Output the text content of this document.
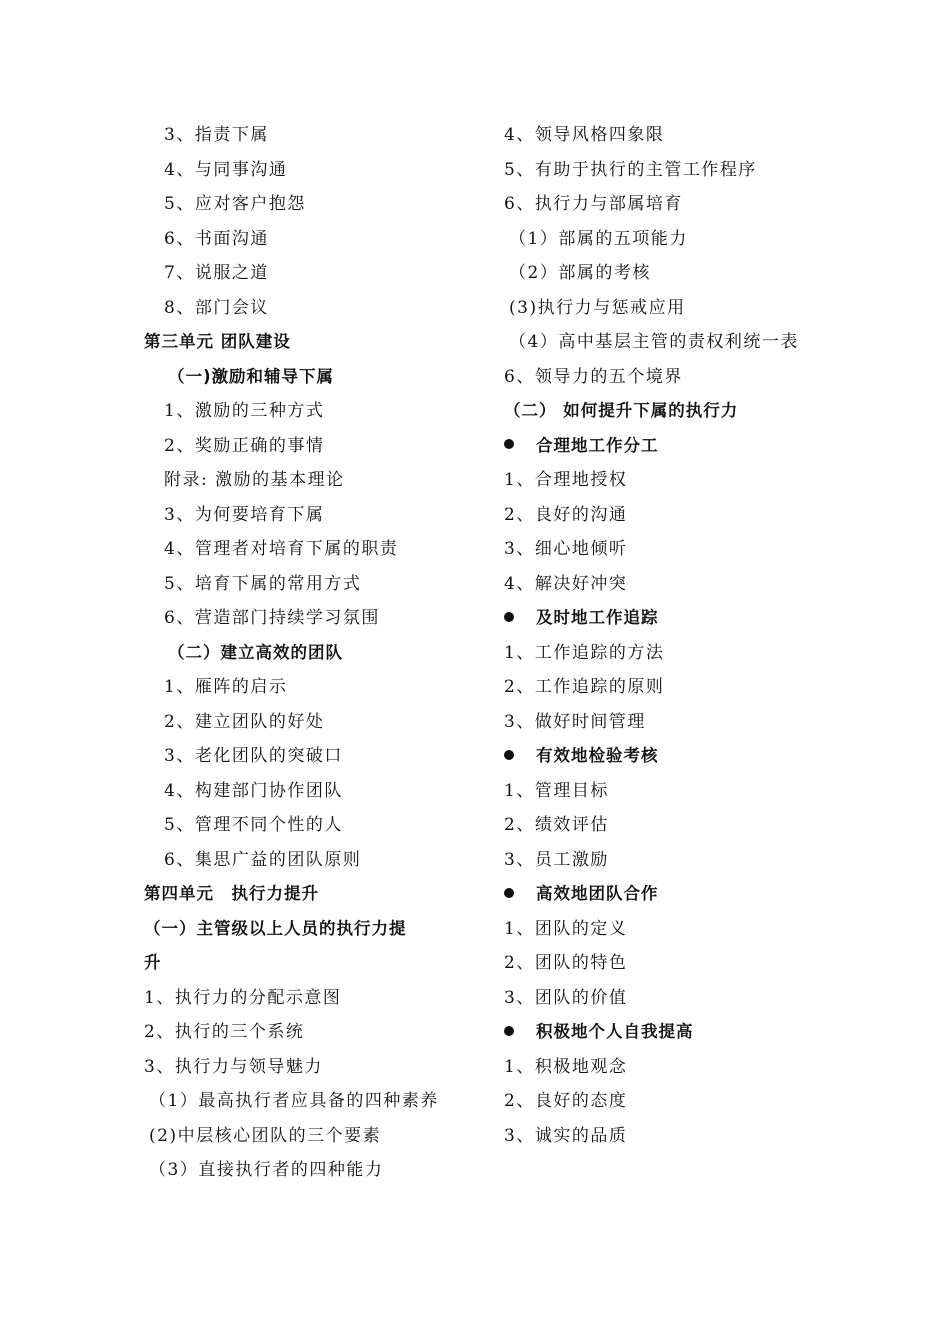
3、指责下属
4、与同事沟通
5、应对客户抱怨
6、书面沟通
7、说服之道
8、部门会议
第三单元 团队建设
（一)激励和辅导下属
1、激励的三种方式
2、奖励正确的事情
附录: 激励的基本理论
3、为何要培育下属
4、管理者对培育下属的职责
5、培育下属的常用方式
6、营造部门持续学习氛围
（二）建立高效的团队
1、雁阵的启示
2、建立团队的好处
3、老化团队的突破口
4、构建部门协作团队
5、管理不同个性的人
6、集思广益的团队原则
第四单元　执行力提升
（一）主管级以上人员的执行力提
升
1、执行力的分配示意图
2、执行的三个系统
3、执行力与领导魅力
（1）最高执行者应具备的四种素养
(2)中层核心团队的三个要素
（3）直接执行者的四种能力
4、领导风格四象限
5、有助于执行的主管工作程序
6、执行力与部属培育
（1）部属的五项能力
（2）部属的考核
(3)执行力与惩戒应用
（4）高中基层主管的责权利统一表
6、领导力的五个境界
（二） 如何提升下属的执行力
合理地工作分工
1、合理地授权
2、良好的沟通
3、细心地倾听
4、解决好冲突
及时地工作追踪
1、工作追踪的方法
2、工作追踪的原则
3、做好时间管理
有效地检验考核
1、管理目标
2、绩效评估
3、员工激励
高效地团队合作
1、团队的定义
2、团队的特色
3、团队的价值
积极地个人自我提高
1、积极地观念
2、良好的态度
3、诚实的品质
